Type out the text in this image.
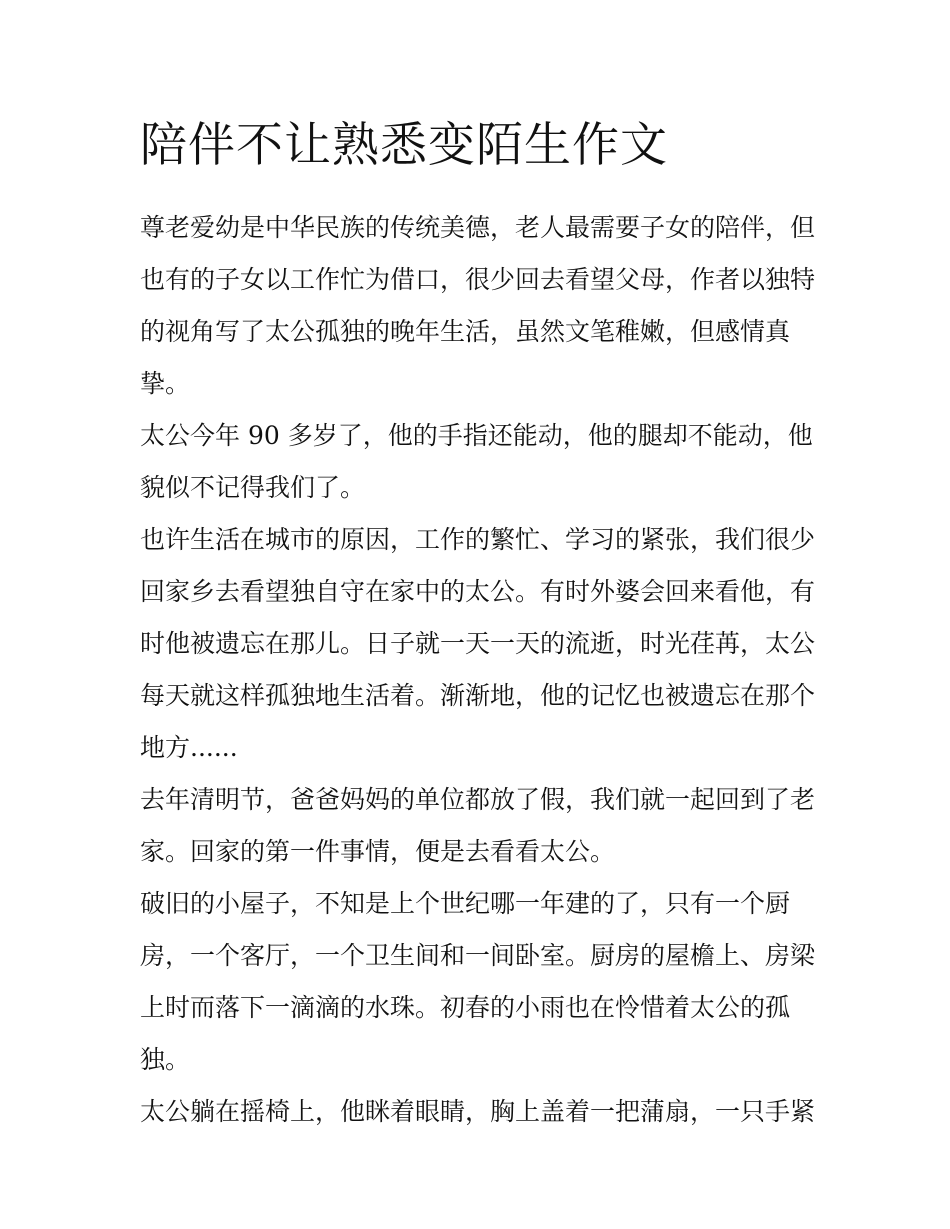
陪伴不让熟悉变陌生作文

尊老爱幼是中华民族的传统美德，老人最需要子女的陪伴，但也有的子女以工作忙为借口，很少回去看望父母，作者以独特的视角写了太公孤独的晚年生活，虽然文笔稚嫩，但感情真挚。

太公今年 90 多岁了，他的手指还能动，他的腿却不能动，他貌似不记得我们了。

也许生活在城市的原因，工作的繁忙、学习的紧张，我们很少回家乡去看望独自守在家中的太公。有时外婆会回来看他，有时他被遗忘在那儿。日子就一天一天的流逝，时光荏苒，太公每天就这样孤独地生活着。渐渐地，他的记忆也被遗忘在那个地方......

去年清明节，爸爸妈妈的单位都放了假，我们就一起回到了老家。回家的第一件事情，便是去看看太公。

破旧的小屋子，不知是上个世纪哪一年建的了，只有一个厨房，一个客厅，一个卫生间和一间卧室。厨房的屋檐上、房梁上时而落下一滴滴的水珠。初春的小雨也在怜惜着太公的孤独。

太公躺在摇椅上，他眯着眼睛，胸上盖着一把蒲扇，一只手紧
